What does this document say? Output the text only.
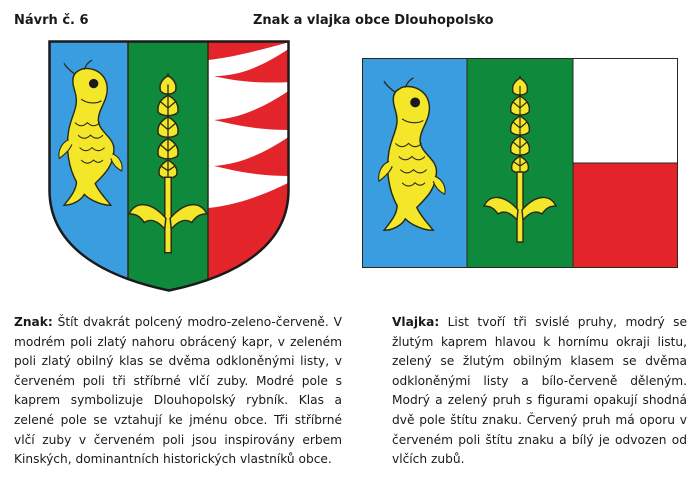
Návrh č. 6	Znak a vlajka obce Dlouhopolsko

Znak: Štít dvakrát polcený modro-zeleno-červeně. V modrém poli zlatý nahoru obrácený kapr, v zeleném poli zlatý obilný klas se dvěma odkloněnými listy, v červeném poli tři stříbrné vlčí zuby. Modré pole s kaprem symbolizuje Dlouhopolský rybník. Klas a zelené pole se vztahují ke jménu obce. Tři stříbrné vlčí zuby v červeném poli jsou inspirovány erbem Kinských, dominantních historických vlastníků obce.

Vlajka: List tvoří tři svislé pruhy, modrý se žlutým kaprem hlavou k hornímu okraji listu, zelený se žlutým obilným klasem se dvěma odkloněnými listy a bílo-červeně děleným. Modrý a zelený pruh s figurami opakují shodná dvě pole štítu znaku. Červený pruh má oporu v červeném poli štítu znaku a bílý je odvozen od vlčích zubů.
